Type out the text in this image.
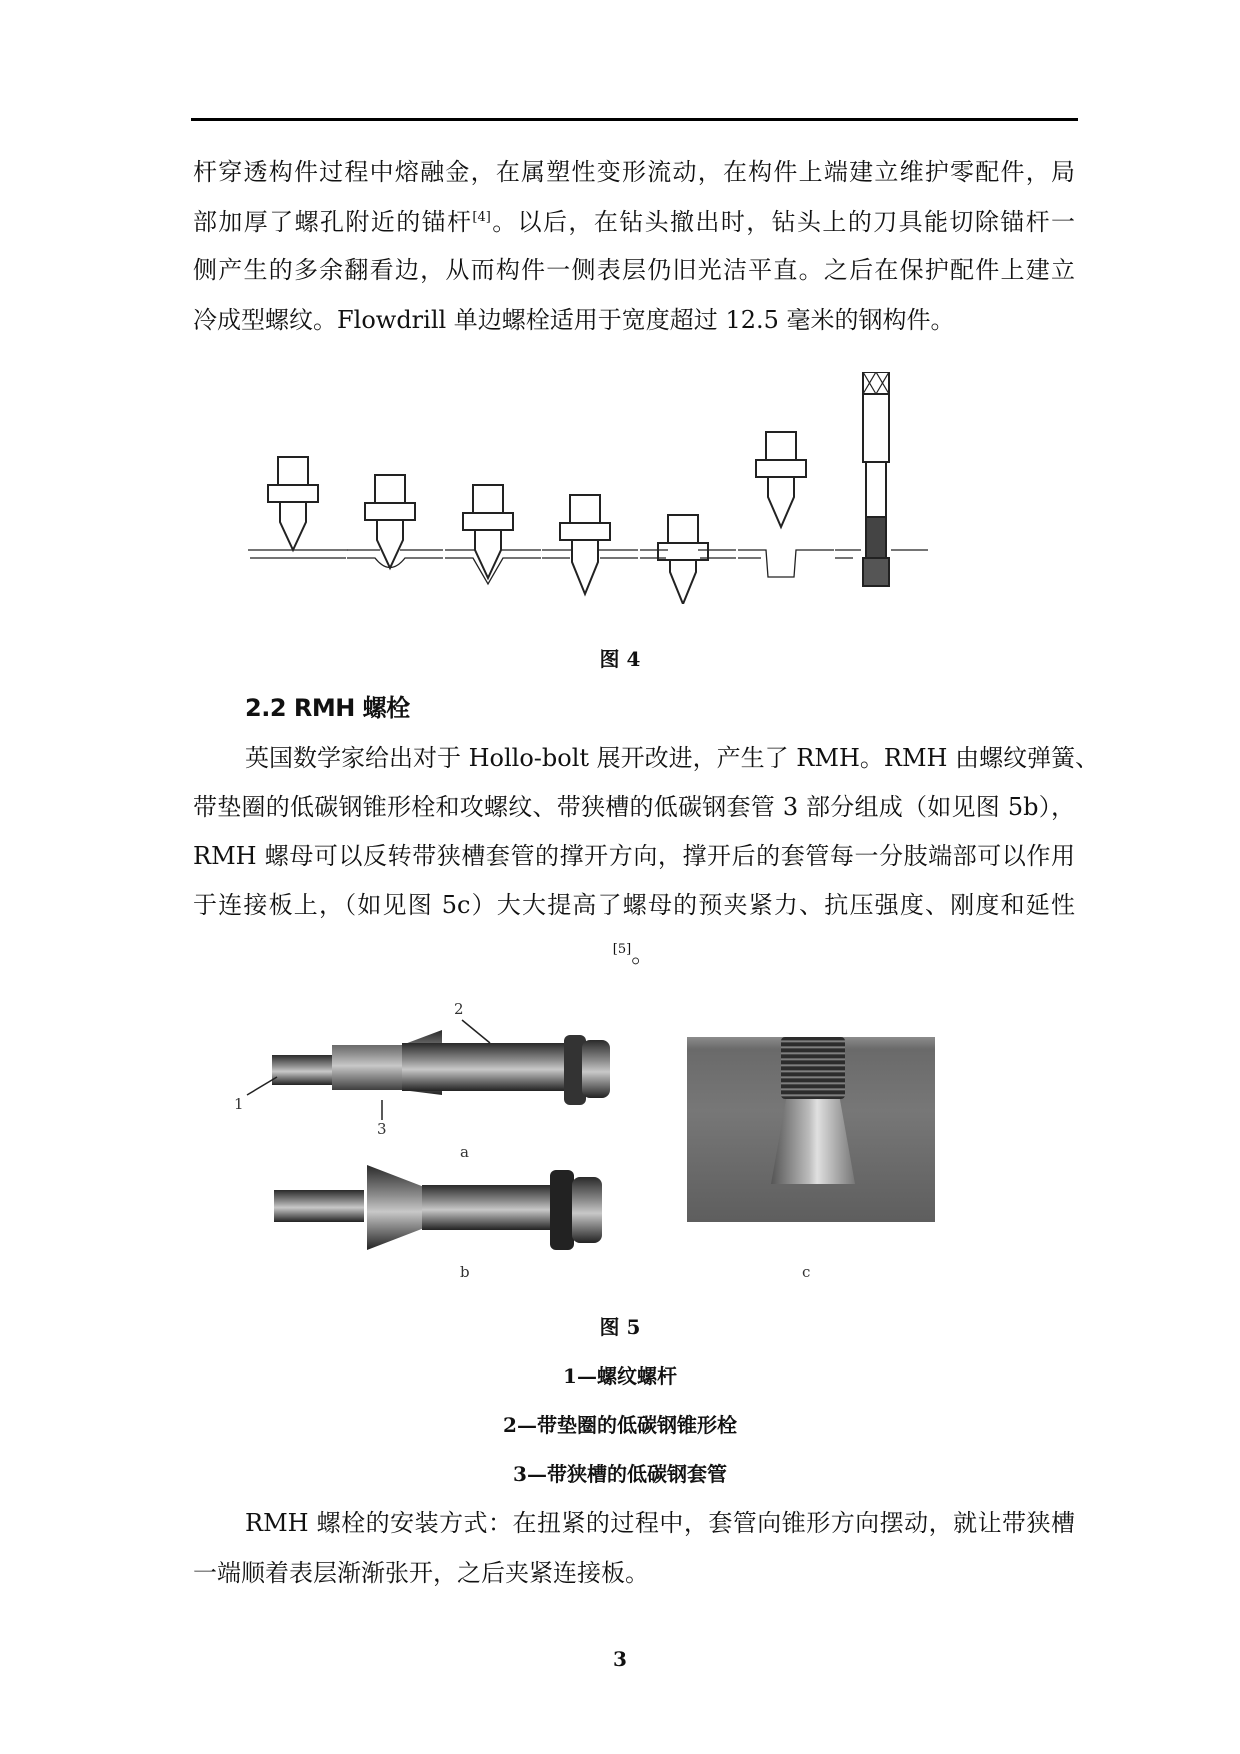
杆穿透构件过程中熔融金，在属塑性变形流动，在构件上端建立维护零配件，局
部加厚了螺孔附近的锚杆[4]。以后，在钻头撤出时，钻头上的刀具能切除锚杆一
侧产生的多余翻看边，从而构件一侧表层仍旧光洁平直。之后在保护配件上建立
冷成型螺纹。Flowdrill 单边螺栓适用于宽度超过 12.5 毫米的钢构件。
图 4
2.2 RMH 螺栓
英国数学家给出对于 Hollo-bolt 展开改进，产生了 RMH。RMH 由螺纹弹簧、
带垫圈的低碳钢锥形栓和攻螺纹、带狭槽的低碳钢套管 3 部分组成（如见图 5b），
RMH 螺母可以反转带狭槽套管的撑开方向，撑开后的套管每一分肢端部可以作用
于连接板上，（如见图 5c）大大提高了螺母的预夹紧力、抗压强度、刚度和延性
[5]。
1
2
3
a
b	c
图 5
1—螺纹螺杆
2—带垫圈的低碳钢锥形栓
3—带狭槽的低碳钢套管
RMH 螺栓的安装方式：在扭紧的过程中，套管向锥形方向摆动，就让带狭槽
一端顺着表层渐渐张开，之后夹紧连接板。
3
